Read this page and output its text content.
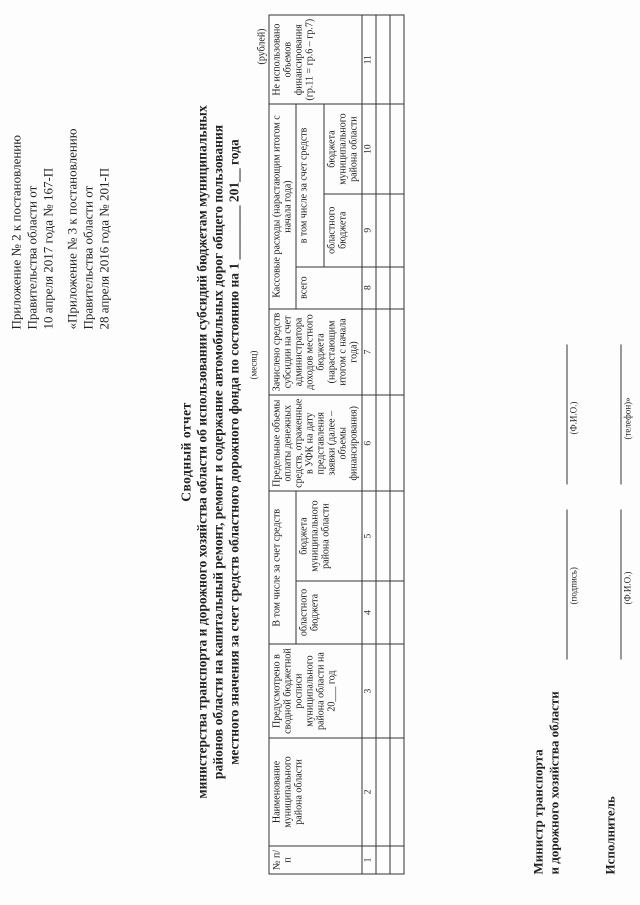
Приложение № 2 к постановлению Правительства области от 10 апреля 2017 года № 167-П «Приложение № 3 к постановлению Правительства области от 28 апреля 2016 года № 201-П
Сводный отчет министерства транспорта и дорожного хозяйства области об использовании субсидий бюджетам муниципальных районов области на капитальный ремонт, ремонт и содержание автомобильных дорог общего пользования местного значения за счет средств областного дорожного фонда по состоянию на 1 ________ 201__ года (месяц)
(рублей)
№ п/п	Наименование муниципального района области	Предусмотрено в сводной бюджетной росписи муниципального района области на 20___ год	В том числе за счет средств		Предельные объемы оплаты денежных средств, отраженные в УФК на дату представления заявки (далее – объемы финансирования)	Зачислено средств субсидии на счет администратора доходов местного бюджета (нарастающим итогом с начала года)	Кассовые расходы (нарастающим итогом с начала года)			Не использовано объемов финансирования (гр.11 = гр.6 – гр.7)
			областного бюджета	бюджета муниципального района области			всего	в том числе за счет средств		
								областного бюджета	бюджета муниципального района области	
1	2	3	4	5	6	7	8	9	10	11

Министр транспорта и дорожного хозяйства области
(подпись)
(Ф.И.О.)
Исполнитель
(Ф.И.О.)
(телефон)»
